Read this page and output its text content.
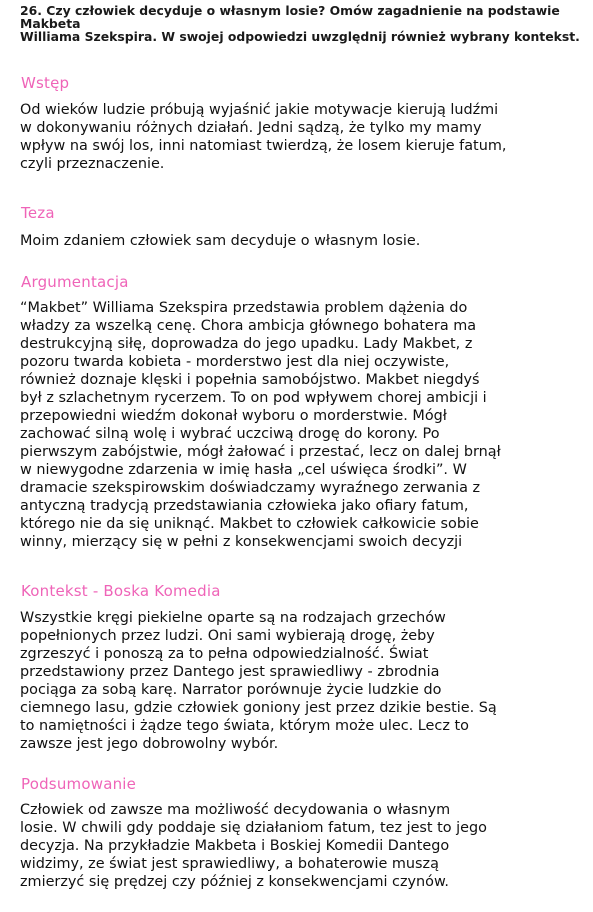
26. Czy człowiek decyduje o własnym losie? Omów zagadnienie na podstawie
Makbeta
Williama Szekspira. W swojej odpowiedzi uwzględnij również wybrany kontekst.
Wstęp
Od wieków ludzie próbują wyjaśnić jakie motywacje kierują ludźmi
w dokonywaniu różnych działań. Jedni sądzą, że tylko my mamy
wpływ na swój los, inni natomiast twierdzą, że losem kieruje fatum,
czyli przeznaczenie.
Teza
Moim zdaniem człowiek sam decyduje o własnym losie.
Argumentacja
“Makbet” Williama Szekspira przedstawia problem dążenia do
władzy za wszelką cenę. Chora ambicja głównego bohatera ma
destrukcyjną siłę, doprowadza do jego upadku. Lady Makbet, z
pozoru twarda kobieta - morderstwo jest dla niej oczywiste,
również doznaje klęski i popełnia samobójstwo. Makbet niegdyś
był z szlachetnym rycerzem. To on pod wpływem chorej ambicji i
przepowiedni wiedźm dokonał wyboru o morderstwie. Mógł
zachować silną wolę i wybrać uczciwą drogę do korony. Po
pierwszym zabójstwie, mógł żałować i przestać, lecz on dalej brnął
w niewygodne zdarzenia w imię hasła „cel uświęca środki”. W
dramacie szekspirowskim doświadczamy wyraźnego zerwania z
antyczną tradycją przedstawiania człowieka jako ofiary fatum,
którego nie da się uniknąć. Makbet to człowiek całkowicie sobie
winny, mierzący się w pełni z konsekwencjami swoich decyzji
Kontekst - Boska Komedia
Wszystkie kręgi piekielne oparte są na rodzajach grzechów
popełnionych przez ludzi. Oni sami wybierają drogę, żeby
zgrzeszyć i ponoszą za to pełna odpowiedzialność. Świat
przedstawiony przez Dantego jest sprawiedliwy - zbrodnia
pociąga za sobą karę. Narrator porównuje życie ludzkie do
ciemnego lasu, gdzie człowiek goniony jest przez dzikie bestie. Są
to namiętności i żądze tego świata, którym może ulec. Lecz to
zawsze jest jego dobrowolny wybór.
Podsumowanie
Człowiek od zawsze ma możliwość decydowania o własnym
losie. W chwili gdy poddaje się działaniom fatum, tez jest to jego
decyzja. Na przykładzie Makbeta i Boskiej Komedii Dantego
widzimy, ze świat jest sprawiedliwy, a bohaterowie muszą
zmierzyć się prędzej czy później z konsekwencjami czynów.
